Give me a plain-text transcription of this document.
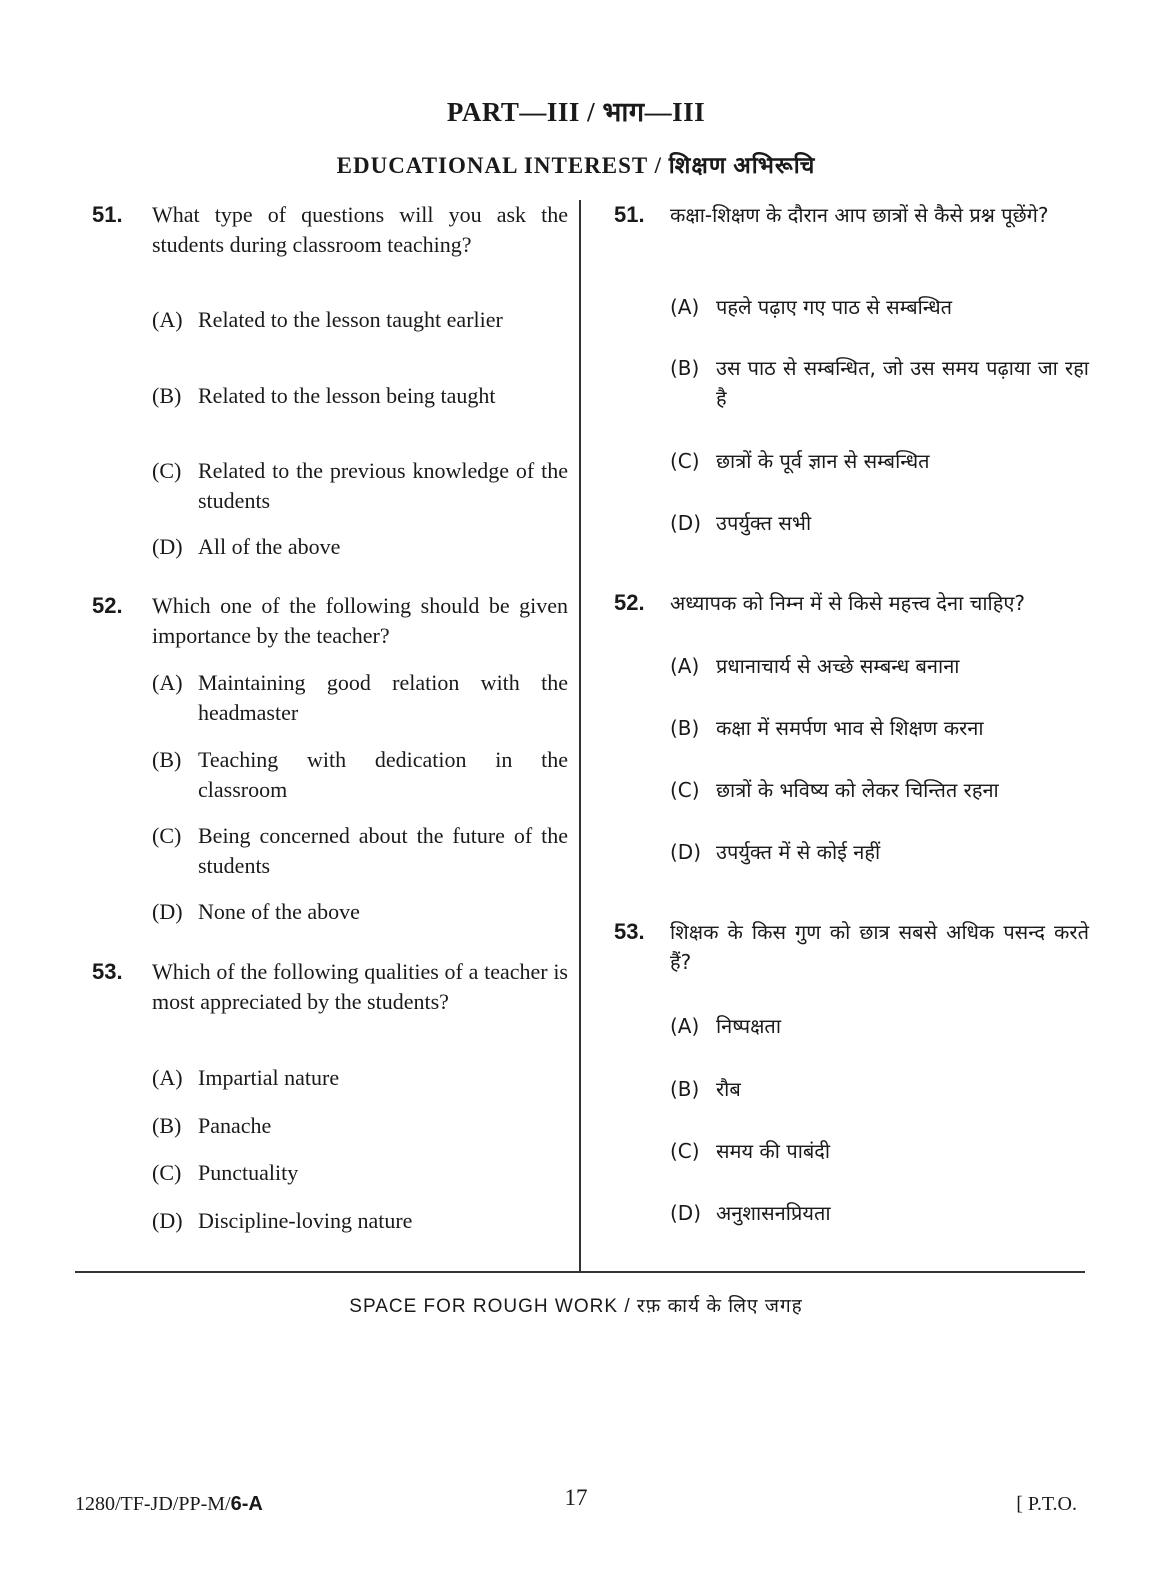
PART—III / भाग—III
EDUCATIONAL INTEREST / शिक्षण अभिरूचि
51. What type of questions will you ask the students during classroom teaching?
(A) Related to the lesson taught earlier
(B) Related to the lesson being taught
(C) Related to the previous knowledge of the students
(D) All of the above
52. Which one of the following should be given importance by the teacher?
(A) Maintaining good relation with the headmaster
(B) Teaching with dedication in the classroom
(C) Being concerned about the future of the students
(D) None of the above
53. Which of the following qualities of a teacher is most appreciated by the students?
(A) Impartial nature
(B) Panache
(C) Punctuality
(D) Discipline-loving nature
51. कक्षा-शिक्षण के दौरान आप छात्रों से कैसे प्रश्न पूछेंगे?
(A) पहले पढ़ाए गए पाठ से सम्बन्धित
(B) उस पाठ से सम्बन्धित, जो उस समय पढ़ाया जा रहा है
(C) छात्रों के पूर्व ज्ञान से सम्बन्धित
(D) उपर्युक्त सभी
52. अध्यापक को निम्न में से किसे महत्त्व देना चाहिए?
(A) प्रधानाचार्य से अच्छे सम्बन्ध बनाना
(B) कक्षा में समर्पण भाव से शिक्षण करना
(C) छात्रों के भविष्य को लेकर चिन्तित रहना
(D) उपर्युक्त में से कोई नहीं
53. शिक्षक के किस गुण को छात्र सबसे अधिक पसन्द करते हैं?
(A) निष्पक्षता
(B) रौब
(C) समय की पाबंदी
(D) अनुशासनप्रियता
SPACE FOR ROUGH WORK / रफ़ कार्य के लिए जगह
1280/TF-JD/PP-M/6-A	17	[ P.T.O.
